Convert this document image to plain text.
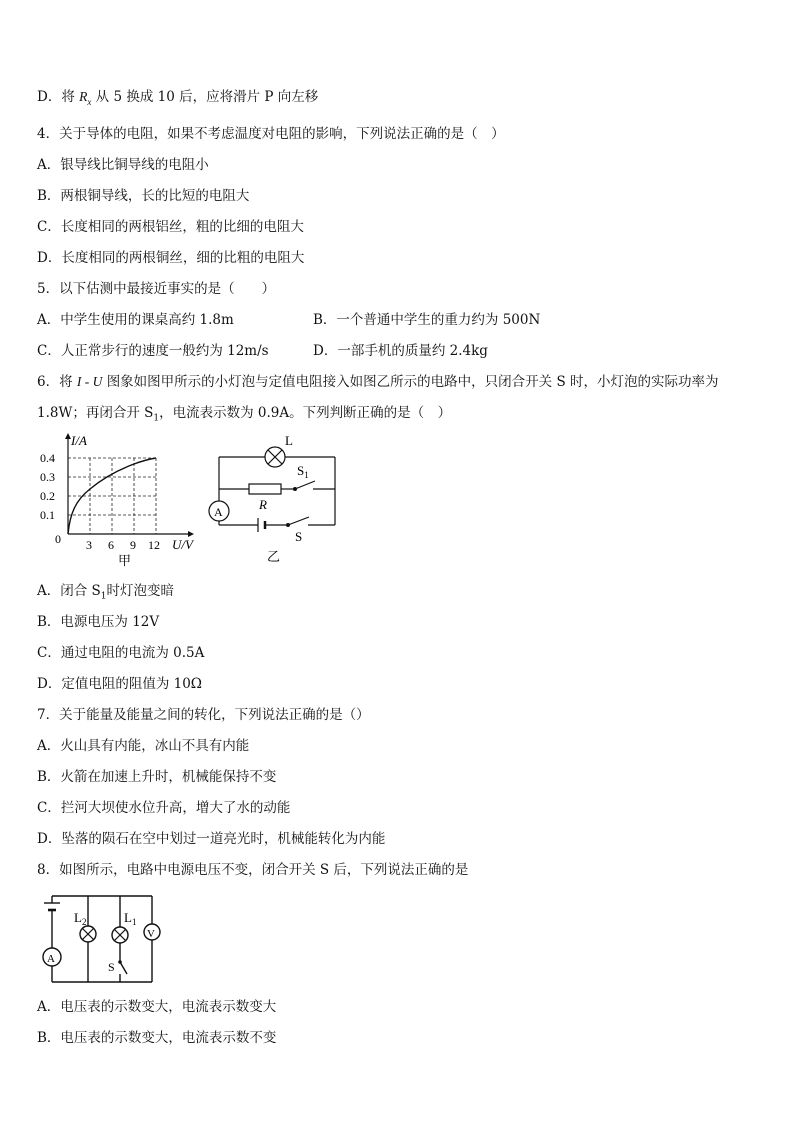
D．将 $R_x$ 从 5 换成 10 后，应将滑片 P 向左移
4．关于导体的电阻，如果不考虑温度对电阻的影响，下列说法正确的是（　）
A．银导线比铜导线的电阻小
B．两根铜导线，长的比短的电阻大
C．长度相同的两根铝丝，粗的比细的电阻大
D．长度相同的两根铜丝，细的比粗的电阻大
5．以下估测中最接近事实的是（　　）
A．中学生使用的课桌高约 1.8m	B．一个普通中学生的重力约为 500N
C．人正常步行的速度一般约为 12m/s	D．一部手机的质量约 2.4kg
6．将 I - U 图象如图甲所示的小灯泡与定值电阻接入如图乙所示的电路中，只闭合开关 S 时，小灯泡的实际功率为
1.8W；再闭合开 $S_1$，电流表示数为 0.9A。下列判断正确的是（　）
I/A
0.4
0.3
0.2
0.1
0 3 6 9 12 U/V
甲
L
R
$S_1$
A
S
乙
A．闭合 $S_1$时灯泡变暗
B．电源电压为 12V
C．通过电阻的电流为 0.5A
D．定值电阻的阻值为 10Ω
7．关于能量及能量之间的转化，下列说法正确的是（）
A．火山具有内能，冰山不具有内能
B．火箭在加速上升时，机械能保持不变
C．拦河大坝使水位升高，增大了水的动能
D．坠落的陨石在空中划过一道亮光时，机械能转化为内能
8．如图所示，电路中电源电压不变，闭合开关 S 后，下列说法正确的是
A
$L_2$	$L_1$
V
S
A．电压表的示数变大，电流表示数变大
B．电压表的示数变大，电流表示数不变
